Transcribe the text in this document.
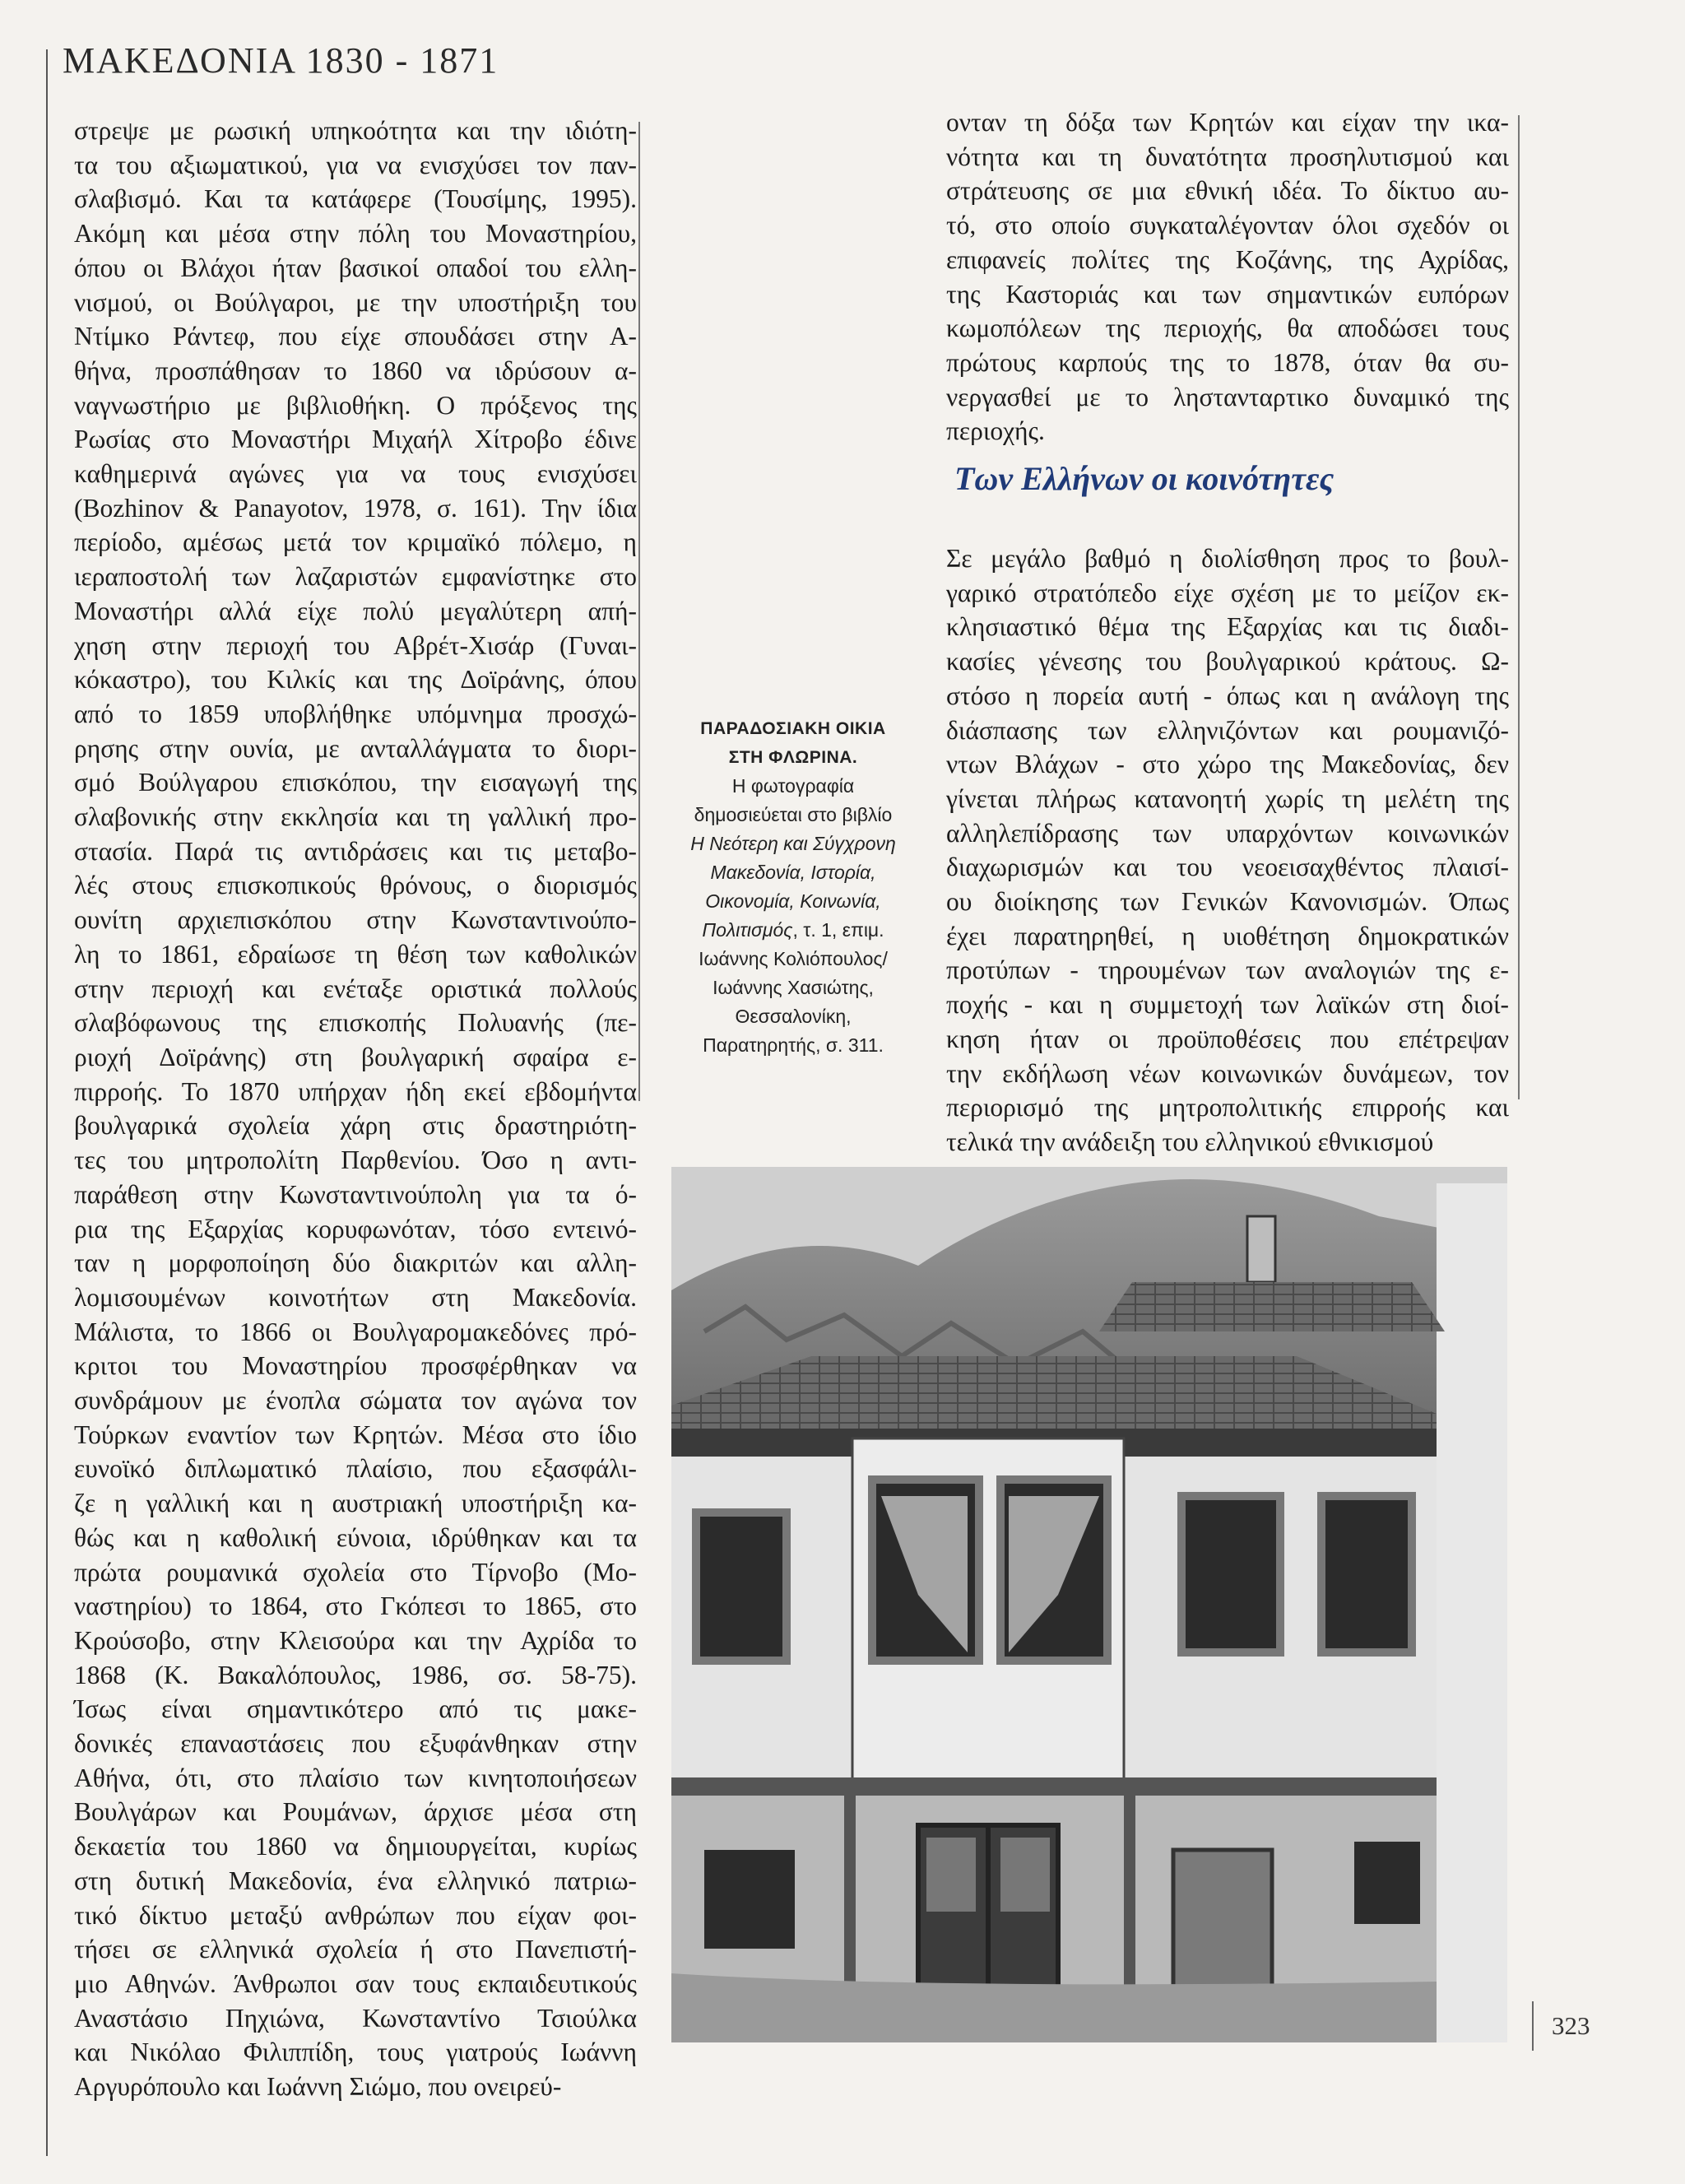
ΜΑΚΕΔΟΝΙΑ 1830 - 1871
στρεψε με ρωσική υπηκοότητα και την ιδιότη-
τα του αξιωματικού, για να ενισχύσει τον παν-
σλαβισμό. Και τα κατάφερε (Τουσίμης, 1995).
Ακόμη και μέσα στην πόλη του Μοναστηρίου,
όπου οι Βλάχοι ήταν βασικοί οπαδοί του ελλη-
νισμού, οι Βούλγαροι, με την υποστήριξη του
Ντίμκο Ράντεφ, που είχε σπουδάσει στην Α-
θήνα, προσπάθησαν το 1860 να ιδρύσουν α-
ναγνωστήριο με βιβλιοθήκη. Ο πρόξενος της
Ρωσίας στο Μοναστήρι Μιχαήλ Χίτροβο έδινε
καθημερινά αγώνες για να τους ενισχύσει
(Bozhinov & Panayotov, 1978, σ. 161). Την ίδια
περίοδο, αμέσως μετά τον κριμαϊκό πόλεμο, η
ιεραποστολή των λαζαριστών εμφανίστηκε στο
Μοναστήρι αλλά είχε πολύ μεγαλύτερη απή-
χηση στην περιοχή του Αβρέτ-Χισάρ (Γυναι-
κόκαστρο), του Κιλκίς και της Δοϊράνης, όπου
από το 1859 υποβλήθηκε υπόμνημα προσχώ-
ρησης στην ουνία, με ανταλλάγματα το διορι-
σμό Βούλγαρου επισκόπου, την εισαγωγή της
σλαβονικής στην εκκλησία και τη γαλλική προ-
στασία. Παρά τις αντιδράσεις και τις μεταβο-
λές στους επισκοπικούς θρόνους, ο διορισμός
ουνίτη αρχιεπισκόπου στην Κωνσταντινούπο-
λη το 1861, εδραίωσε τη θέση των καθολικών
στην περιοχή και ενέταξε οριστικά πολλούς
σλαβόφωνους της επισκοπής Πολυανής (πε-
ριοχή Δοϊράνης) στη βουλγαρική σφαίρα ε-
πιρροής. Το 1870 υπήρχαν ήδη εκεί εβδομήντα
βουλγαρικά σχολεία χάρη στις δραστηριότη-
τες του μητροπολίτη Παρθενίου. Όσο η αντι-
παράθεση στην Κωνσταντινούπολη για τα ό-
ρια της Εξαρχίας κορυφωνόταν, τόσο εντεινό-
ταν η μορφοποίηση δύο διακριτών και αλλη-
λομισουμένων κοινοτήτων στη Μακεδονία.
Μάλιστα, το 1866 οι Βουλγαρομακεδόνες πρό-
κριτοι του Μοναστηρίου προσφέρθηκαν να
συνδράμουν με ένοπλα σώματα τον αγώνα τον
Τούρκων εναντίον των Κρητών. Μέσα στο ίδιο
ευνοϊκό διπλωματικό πλαίσιο, που εξασφάλι-
ζε η γαλλική και η αυστριακή υποστήριξη κα-
θώς και η καθολική εύνοια, ιδρύθηκαν και τα
πρώτα ρουμανικά σχολεία στο Τίρνοβο (Μο-
ναστηρίου) το 1864, στο Γκόπεσι το 1865, στο
Κρούσοβο, στην Κλεισούρα και την Αχρίδα το
1868 (Κ. Βακαλόπουλος, 1986, σσ. 58-75).
Ίσως είναι σημαντικότερο από τις μακε-
δονικές επαναστάσεις που εξυφάνθηκαν στην
Αθήνα, ότι, στο πλαίσιο των κινητοποιήσεων
Βουλγάρων και Ρουμάνων, άρχισε μέσα στη
δεκαετία του 1860 να δημιουργείται, κυρίως
στη δυτική Μακεδονία, ένα ελληνικό πατριω-
τικό δίκτυο μεταξύ ανθρώπων που είχαν φοι-
τήσει σε ελληνικά σχολεία ή στο Πανεπιστή-
μιο Αθηνών. Άνθρωποι σαν τους εκπαιδευτικούς
Αναστάσιο Πηχιώνα, Κωνσταντίνο Τσιούλκα
και Νικόλαο Φιλιππίδη, τους γιατρούς Ιωάννη
Αργυρόπουλο και Ιωάννη Σιώμο, που ονειρεύ-
ΠΑΡΑΔΟΣΙΑΚΗ ΟΙΚΙΑ
ΣΤΗ ΦΛΩΡΙΝΑ.
Η φωτογραφία
δημοσιεύεται στο βιβλίο
Η Νεότερη και Σύγχρονη
Μακεδονία, Ιστορία,
Οικονομία, Κοινωνία,
Πολιτισμός, τ. 1, επιμ.
Ιωάννης Κολιόπουλος/
Ιωάννης Χασιώτης,
Θεσσαλονίκη,
Παρατηρητής, σ. 311.
ονταν τη δόξα των Κρητών και είχαν την ικα-
νότητα και τη δυνατότητα προσηλυτισμού και
στράτευσης σε μια εθνική ιδέα. Το δίκτυο αυ-
τό, στο οποίο συγκαταλέγονταν όλοι σχεδόν οι
επιφανείς πολίτες της Κοζάνης, της Αχρίδας,
της Καστοριάς και των σημαντικών ευπόρων
κωμοπόλεων της περιοχής, θα αποδώσει τους
πρώτους καρπούς της το 1878, όταν θα συ-
νεργασθεί με το ληστανταρτικο δυναμικό της
περιοχής.
Των Ελλήνων οι κοινότητες
Σε μεγάλο βαθμό η διολίσθηση προς το βουλ-
γαρικό στρατόπεδο είχε σχέση με το μείζον εκ-
κλησιαστικό θέμα της Εξαρχίας και τις διαδι-
κασίες γένεσης του βουλγαρικού κράτους. Ω-
στόσο η πορεία αυτή - όπως και η ανάλογη της
διάσπασης των ελληνιζόντων και ρουμανιζό-
ντων Βλάχων - στο χώρο της Μακεδονίας, δεν
γίνεται πλήρως κατανοητή χωρίς τη μελέτη της
αλληλεπίδρασης των υπαρχόντων κοινωνικών
διαχωρισμών και του νεοεισαχθέντος πλαισί-
ου διοίκησης των Γενικών Κανονισμών. Όπως
έχει παρατηρηθεί, η υιοθέτηση δημοκρατικών
προτύπων - τηρουμένων των αναλογιών της ε-
ποχής - και η συμμετοχή των λαϊκών στη διοί-
κηση ήταν οι προϋποθέσεις που επέτρεψαν
την εκδήλωση νέων κοινωνικών δυνάμεων, τον
περιορισμό της μητροπολιτικής επιρροής και
τελικά την ανάδειξη του ελληνικού εθνικισμού
323
